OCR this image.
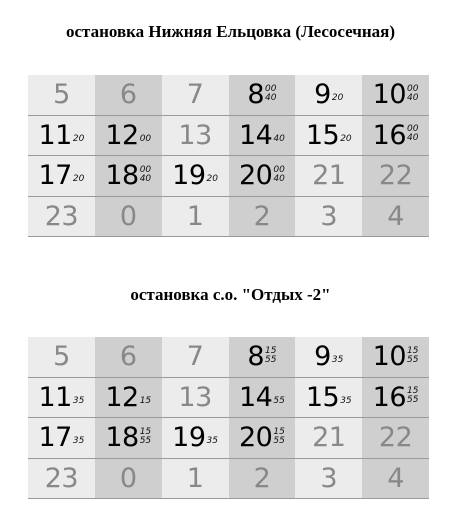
остановка Нижняя Ельцовка (Лесосечная)
5 6 7 8 00
40 9 20 10 00
40
11 20 12 00 13 14 40 15 20 16 00
40
17 20 18 00
40 19 20 20 00
40 21 22
23 0 1 2 3 4
остановка с.о. "Отдых -2"
5 6 7 8 15
55 9 35 10 15
55
11 35 12 15 13 14 55 15 35 16 15
55
17 35 18 15
55 19 35 20 15
55 21 22
23 0 1 2 3 4
